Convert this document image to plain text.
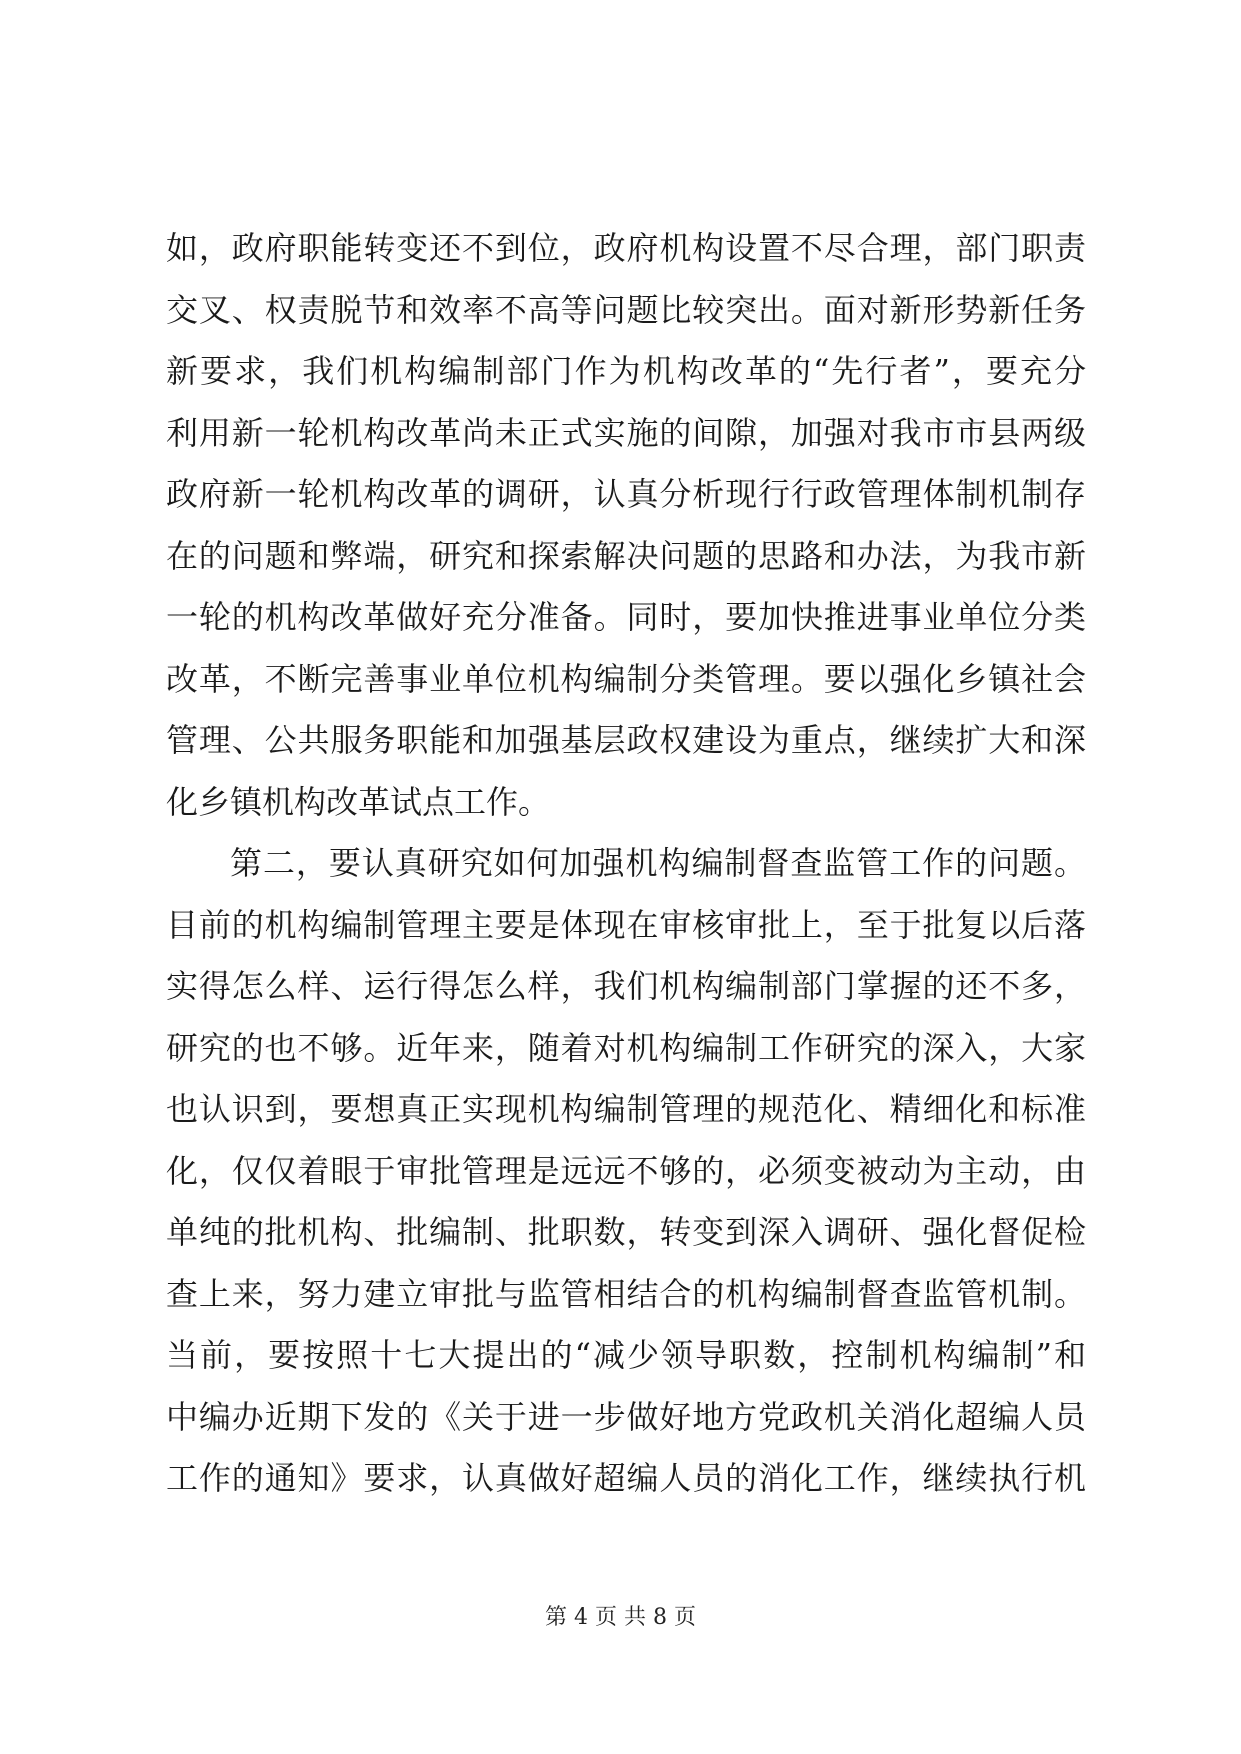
如，政府职能转变还不到位，政府机构设置不尽合理，部门职责
交叉、权责脱节和效率不高等问题比较突出。面对新形势新任务
新要求，我们机构编制部门作为机构改革的“先行者”，要充分
利用新一轮机构改革尚未正式实施的间隙，加强对我市市县两级
政府新一轮机构改革的调研，认真分析现行行政管理体制机制存
在的问题和弊端，研究和探索解决问题的思路和办法，为我市新
一轮的机构改革做好充分准备。同时，要加快推进事业单位分类
改革，不断完善事业单位机构编制分类管理。要以强化乡镇社会
管理、公共服务职能和加强基层政权建设为重点，继续扩大和深
化乡镇机构改革试点工作。
第二，要认真研究如何加强机构编制督查监管工作的问题。
目前的机构编制管理主要是体现在审核审批上，至于批复以后落
实得怎么样、运行得怎么样，我们机构编制部门掌握的还不多，
研究的也不够。近年来，随着对机构编制工作研究的深入，大家
也认识到，要想真正实现机构编制管理的规范化、精细化和标准
化，仅仅着眼于审批管理是远远不够的，必须变被动为主动，由
单纯的批机构、批编制、批职数，转变到深入调研、强化督促检
查上来，努力建立审批与监管相结合的机构编制督查监管机制。
当前，要按照十七大提出的“减少领导职数，控制机构编制”和
中编办近期下发的《关于进一步做好地方党政机关消化超编人员
工作的通知》要求，认真做好超编人员的消化工作，继续执行机
第 4 页 共 8 页
